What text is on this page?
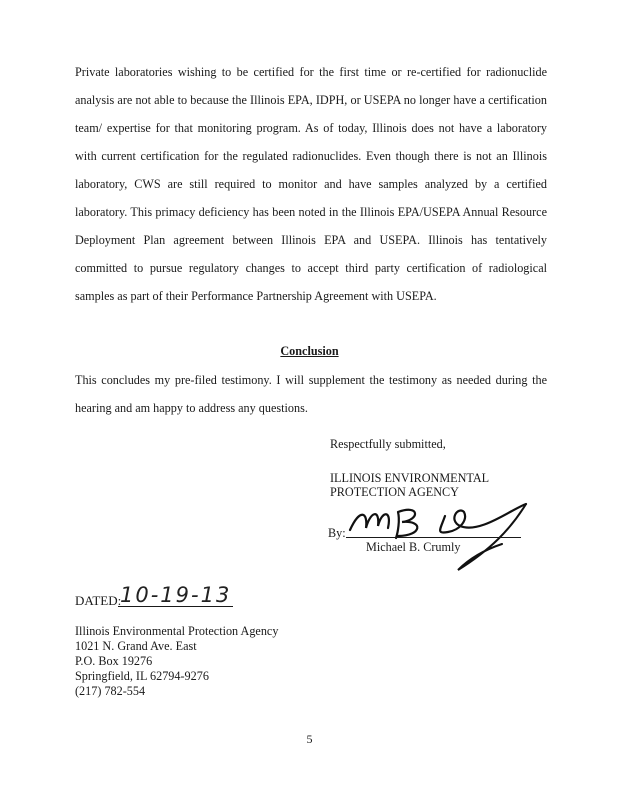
Private laboratories wishing to be certified for the first time or re-certified for radionuclide analysis are not able to because the Illinois EPA, IDPH, or USEPA no longer have a certification team/ expertise for that monitoring program. As of today, Illinois does not have a laboratory with current certification for the regulated radionuclides. Even though there is not an Illinois laboratory, CWS are still required to monitor and have samples analyzed by a certified laboratory. This primacy deficiency has been noted in the Illinois EPA/USEPA Annual Resource Deployment Plan agreement between Illinois EPA and USEPA. Illinois has tentatively committed to pursue regulatory changes to accept third party certification of radiological samples as part of their Performance Partnership Agreement with USEPA.

Conclusion

This concludes my pre-filed testimony. I will supplement the testimony as needed during the hearing and am happy to address any questions.

Respectfully submitted,
ILLINOIS ENVIRONMENTAL
PROTECTION AGENCY
By:
Michael B. Crumly
DATED:
10-19-13
Illinois Environmental Protection Agency
1021 N. Grand Ave. East
P.O. Box 19276
Springfield, IL 62794-9276
(217) 782-554
5
